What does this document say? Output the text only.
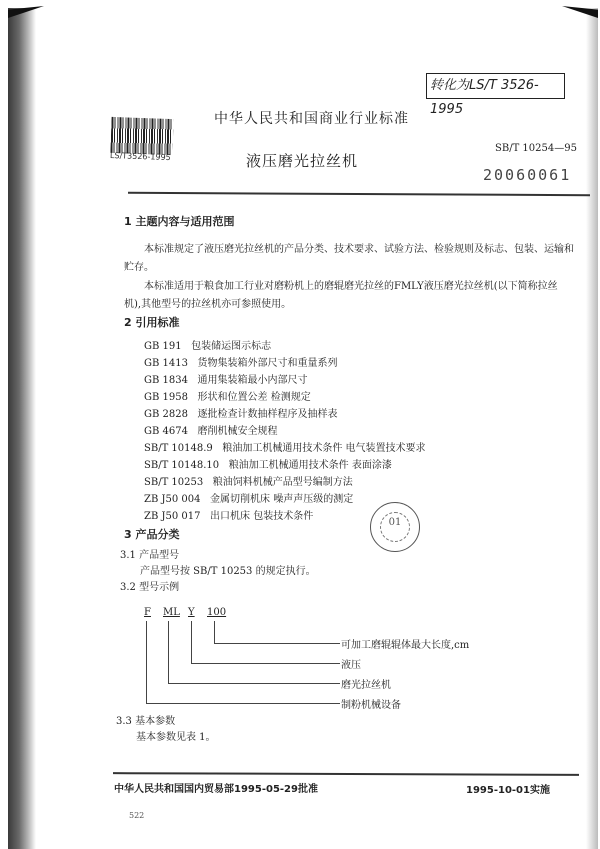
LS/T3526-1995
转化为LS/T 3526-1995
中华人民共和国商业行业标准
液压磨光拉丝机
SB/T 10254—95
20060061
1 主题内容与适用范围
本标准规定了液压磨光拉丝机的产品分类、技术要求、试验方法、检验规则及标志、包装、运输和
贮存。
本标准适用于粮食加工行业对磨粉机上的磨辊磨光拉丝的FMLY液压磨光拉丝机(以下简称拉丝
机),其他型号的拉丝机亦可参照使用。
2 引用标准
GB 191 包装储运图示标志
GB 1413 货物集装箱外部尺寸和重量系列
GB 1834 通用集装箱最小内部尺寸
GB 1958 形状和位置公差 检测规定
GB 2828 逐批检查计数抽样程序及抽样表
GB 4674 磨削机械安全规程
SB/T 10148.9 粮油加工机械通用技术条件 电气装置技术要求
SB/T 10148.10 粮油加工机械通用技术条件 表面涂漆
SB/T 10253 粮油饲料机械产品型号编制方法
ZB J50 004 金属切削机床 噪声声压级的测定
ZB J50 017 出口机床 包装技术条件
01
3 产品分类
3.1 产品型号
产品型号按 SB/T 10253 的规定执行。
3.2 型号示例
F ML Y 100
可加工磨辊辊体最大长度,cm
液压
磨光拉丝机
制粉机械设备
3.3 基本参数
基本参数见表 1。
中华人民共和国国内贸易部1995-05-29批准	1995-10-01实施
522
